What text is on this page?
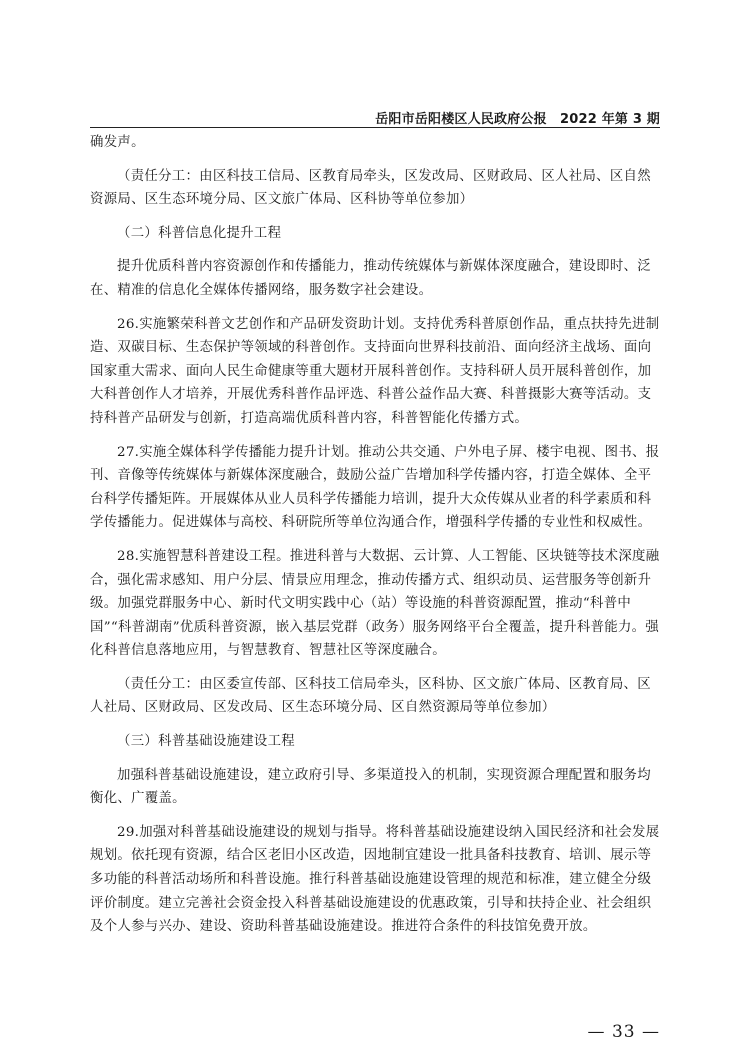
岳阳市岳阳楼区人民政府公报　2022 年第 3 期

确发声。

（责任分工：由区科技工信局、区教育局牵头，区发改局、区财政局、区人社局、区自然资源局、区生态环境分局、区文旅广体局、区科协等单位参加）

（二）科普信息化提升工程

提升优质科普内容资源创作和传播能力，推动传统媒体与新媒体深度融合，建设即时、泛在、精准的信息化全媒体传播网络，服务数字社会建设。

26.实施繁荣科普文艺创作和产品研发资助计划。支持优秀科普原创作品，重点扶持先进制造、双碳目标、生态保护等领域的科普创作。支持面向世界科技前沿、面向经济主战场、面向国家重大需求、面向人民生命健康等重大题材开展科普创作。支持科研人员开展科普创作，加大科普创作人才培养，开展优秀科普作品评选、科普公益作品大赛、科普摄影大赛等活动。支持科普产品研发与创新，打造高端优质科普内容，科普智能化传播方式。

27.实施全媒体科学传播能力提升计划。推动公共交通、户外电子屏、楼宇电视、图书、报刊、音像等传统媒体与新媒体深度融合，鼓励公益广告增加科学传播内容，打造全媒体、全平台科学传播矩阵。开展媒体从业人员科学传播能力培训，提升大众传媒从业者的科学素质和科学传播能力。促进媒体与高校、科研院所等单位沟通合作，增强科学传播的专业性和权威性。

28.实施智慧科普建设工程。推进科普与大数据、云计算、人工智能、区块链等技术深度融合，强化需求感知、用户分层、情景应用理念，推动传播方式、组织动员、运营服务等创新升级。加强党群服务中心、新时代文明实践中心（站）等设施的科普资源配置，推动“科普中国”“科普湖南”优质科普资源，嵌入基层党群（政务）服务网络平台全覆盖，提升科普能力。强化科普信息落地应用，与智慧教育、智慧社区等深度融合。

（责任分工：由区委宣传部、区科技工信局牵头，区科协、区文旅广体局、区教育局、区人社局、区财政局、区发改局、区生态环境分局、区自然资源局等单位参加）

（三）科普基础设施建设工程

加强科普基础设施建设，建立政府引导、多渠道投入的机制，实现资源合理配置和服务均衡化、广覆盖。

29.加强对科普基础设施建设的规划与指导。将科普基础设施建设纳入国民经济和社会发展规划。依托现有资源，结合区老旧小区改造，因地制宜建设一批具备科技教育、培训、展示等多功能的科普活动场所和科普设施。推行科普基础设施建设管理的规范和标准，建立健全分级评价制度。建立完善社会资金投入科普基础设施建设的优惠政策，引导和扶持企业、社会组织及个人参与兴办、建设、资助科普基础设施建设。推进符合条件的科技馆免费开放。

— 33 —
